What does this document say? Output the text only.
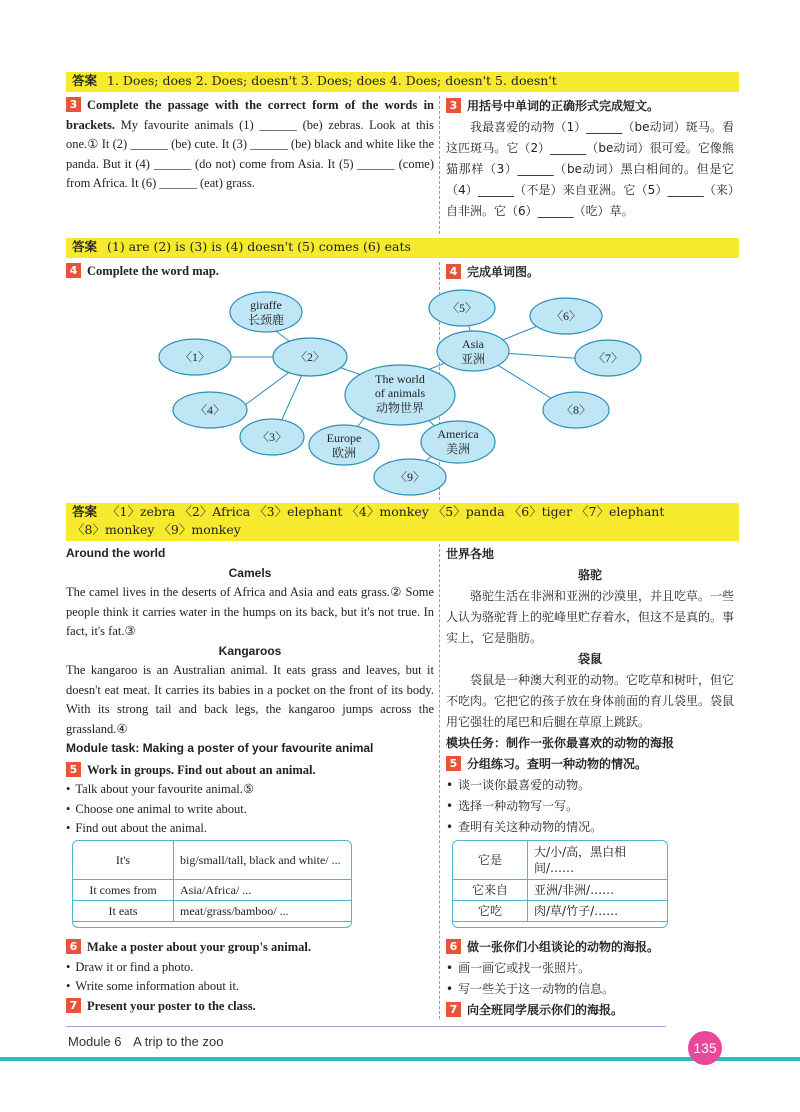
答案 1. Does; does 2. Does; doesn't 3. Does; does 4. Does; doesn't 5. doesn't
3 Complete the passage with the correct form of the words in brackets. My favourite animals (1) ______ (be) zebras. Look at this one.① It (2) ______ (be) cute. It (3) ______ (be) black and white like the panda. But it (4) ______ (do not) come from Asia. It (5) ______ (come) from Africa. It (6) ______ (eat) grass.
3 用括号中单词的正确形式完成短文。
我最喜爱的动物（1）______（be动词）斑马。看这匹斑马。它（2）______（be动词）很可爱。它像熊猫那样（3）______（be动词）黑白相间的。但是它（4）______（不是）来自亚洲。它（5）______（来）自非洲。它（6）______（吃）草。
答案 (1) are (2) is (3) is (4) doesn't (5) comes (6) eats
4 Complete the word map.	4 完成单词图。
giraffe
长颈鹿
〈1〉	〈2〉
〈4〉
〈3〉
The world
of animals
动物世界
Europe
欧洲
America
美洲
〈9〉
〈5〉
Asia
亚洲
〈6〉
〈7〉
〈8〉
答案 〈1〉zebra 〈2〉Africa 〈3〉elephant 〈4〉monkey 〈5〉panda 〈6〉tiger 〈7〉elephant
〈8〉monkey 〈9〉monkey
Around the world
Camels
The camel lives in the deserts of Africa and Asia and eats grass.② Some people think it carries water in the humps on its back, but it's not true. In fact, it's fat.③
Kangaroos
The kangaroo is an Australian animal. It eats grass and leaves, but it doesn't eat meat. It carries its babies in a pocket on the front of its body. With its strong tail and back legs, the kangaroo jumps across the grassland.④
Module task: Making a poster of your favourite animal
5 Work in groups. Find out about an animal.
• Talk about your favourite animal.⑤
• Choose one animal to write about.
• Find out about the animal.
It's	big/small/tall, black and white/ ...
It comes from	Asia/Africa/ ...
It eats	meat/grass/bamboo/ ...
6 Make a poster about your group's animal.
• Draw it or find a photo.
• Write some information about it.
7 Present your poster to the class.
世界各地
骆驼
骆驼生活在非洲和亚洲的沙漠里，并且吃草。一些人认为骆驼背上的驼峰里贮存着水，但这不是真的。事实上，它是脂肪。
袋鼠
袋鼠是一种澳大利亚的动物。它吃草和树叶，但它不吃肉。它把它的孩子放在身体前面的育儿袋里。袋鼠用它强壮的尾巴和后腿在草原上跳跃。
模块任务：制作一张你最喜欢的动物的海报
5 分组练习。查明一种动物的情况。
• 谈一谈你最喜爱的动物。
• 选择一种动物写一写。
• 查明有关这种动物的情况。
它是	大/小/高，黑白相间/……
它来自	亚洲/非洲/……
它吃	肉/草/竹子/……
6 做一张你们小组谈论的动物的海报。
• 画一画它或找一张照片。
• 写一些关于这一动物的信息。
7 向全班同学展示你们的海报。
Module 6 A trip to the zoo	135
